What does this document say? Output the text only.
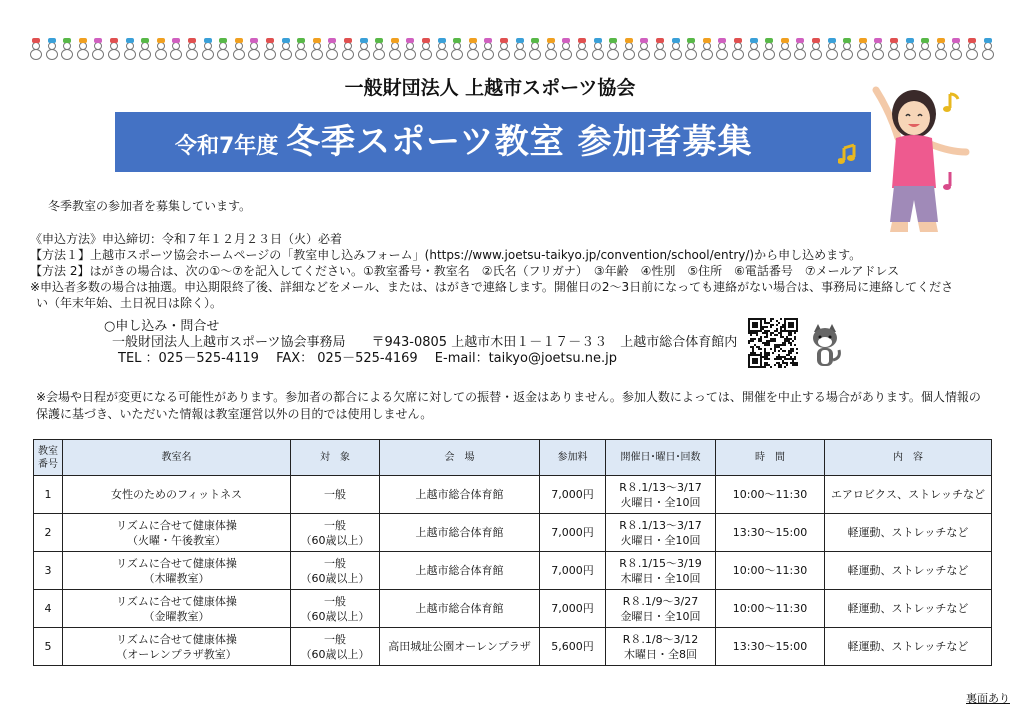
一般財団法人 上越市スポーツ協会
令和7年度 冬季スポーツ教室 参加者募集
冬季教室の参加者を募集しています。
《申込方法》申込締切：令和７年１２月２３日（火）必着
【方法１】上越市スポーツ協会ホームページの「教室申し込みフォーム」(https://www.joetsu-taikyo.jp/convention/school/entry/)から申し込めます。
【方法 2】はがきの場合は、次の①～⑦を記入してください。①教室番号・教室名　②氏名（フリガナ）　③年齢　④性別　⑤住所　⑥電話番号　⑦メールアドレス
※申込者多数の場合は抽選。申込期限終了後、詳細などをメール、または、はがきで連絡します。開催日の2～3日前になっても連絡がない場合は、事務局に連絡してくださ
い（年末年始、土日祝日は除く）。
○申し込み・問合せ
一般財団法人上越市スポーツ協会事務局　　〒943-0805 上越市木田１－１７－３３　上越市総合体育館内
TEL ：025－525-4119　 FAX： 025－525-4169　 E-mail：taikyo@joetsu.ne.jp
※会場や日程が変更になる可能性があります。参加者の都合による欠席に対しての振替・返金はありません。参加人数によっては、開催を中止する場合があります。個人情報の
保護に基づき、いただいた情報は教室運営以外の目的では使用しません。
教室
番号	教室名	対　象	会　場	参加料	開催日･曜日･回数	時　間	内　容
1	女性のためのフィットネス	一般	上越市総合体育館	7,000円	R８.1/13～3/17
火曜日・全10回	10:00～11:30	エアロビクス、ストレッチなど
2	リズムに合せて健康体操
（火曜・午後教室）	一般
（60歳以上）	上越市総合体育館	7,000円	R８.1/13～3/17
火曜日・全10回	13:30～15:00	軽運動、ストレッチなど
3	リズムに合せて健康体操
（木曜教室）	一般
（60歳以上）	上越市総合体育館	7,000円	R８.1/15～3/19
木曜日・全10回	10:00～11:30	軽運動、ストレッチなど
4	リズムに合せて健康体操
（金曜教室）	一般
（60歳以上）	上越市総合体育館	7,000円	R８.1/9～3/27
金曜日・全10回	10:00～11:30	軽運動、ストレッチなど
5	リズムに合せて健康体操
（オーレンプラザ教室）	一般
（60歳以上）	高田城址公園オーレンプラザ	5,600円	R８.1/8～3/12
木曜日・全8回	13:30～15:00	軽運動、ストレッチなど
裏面あり
